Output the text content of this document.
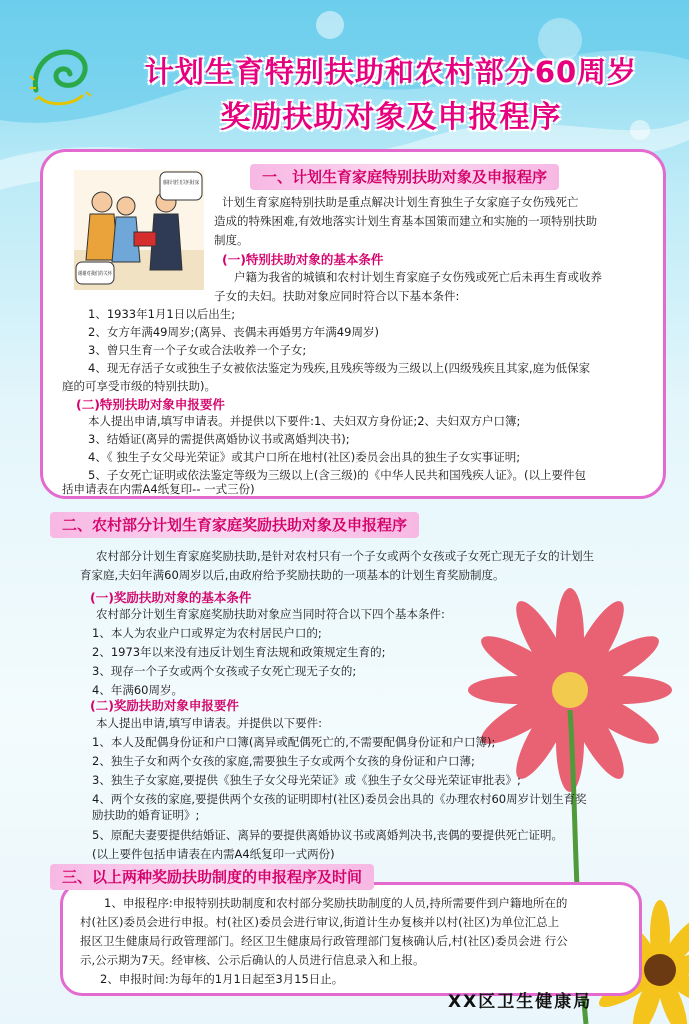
计划生育特别扶助和农村部分60周岁
奖励扶助对象及申报程序
感谢计划生育关怀我们家
谢谢对我们的关怀
一、计划生育家庭特别扶助对象及申报程序
计划生育家庭特别扶助是重点解决计划生育独生子女家庭子女伤残死亡
造成的特殊困难,有效地落实计划生育基本国策而建立和实施的一项特别扶助
制度。
(一)特别扶助对象的基本条件
户籍为我省的城镇和农村计划生育家庭子女伤残或死亡后未再生育或收养
子女的夫妇。扶助对象应同时符合以下基本条件:
1、1933年1月1日以后出生;
2、女方年满49周岁;(离异、丧偶未再婚男方年满49周岁)
3、曾只生育一个子女或合法收养一个子女;
4、现无存活子女或独生子女被依法鉴定为残疾,且残疾等级为三级以上(四级残疾且其家,庭为低保家
庭的可享受市级的特别扶助)。
(二)特别扶助对象申报要件
本人提出申请,填写申请表。并提供以下要件:1、夫妇双方身份证;2、夫妇双方户口簿;
3、结婚证(离异的需提供离婚协议书或离婚判决书);
4、《 独生子女父母光荣证》或其户口所在地村(社区)委员会出具的独生子女实事证明;
5、子女死亡证明或依法鉴定等级为三级以上(含三级)的《中华人民共和国残疾人证》。(以上要件包
括申请表在内需A4纸复印-- 一式三份)
二、农村部分计划生育家庭奖励扶助对象及申报程序
农村部分计划生育家庭奖励扶助,是针对农村只有一个子女或两个女孩或子女死亡现无子女的计划生
育家庭,夫妇年满60周岁以后,由政府给予奖励扶助的一项基本的计划生育奖励制度。
(一)奖励扶助对象的基本条件
农村部分计划生育家庭奖励扶助对象应当同时符合以下四个基本条件:
1、本人为农业户口或界定为农村居民户口的;
2、1973年以来没有违反计划生育法规和政策规定生育的;
3、现存一个子女或两个女孩或子女死亡现无子女的;
4、年满60周岁。
(二)奖励扶助对象申报要件
本人提出申请,填写申请表。并提供以下要件:
1、本人及配偶身份证和户口簿(离异或配偶死亡的,不需要配偶身份证和户口簿);
2、独生子女和两个女孩的家庭,需要独生子女或两个女孩的身份证和户口薄;
3、独生子女家庭,要提供《独生子女父母光荣证》或《独生子女父母光荣证审批表》;
4、两个女孩的家庭,要提供两个女孩的证明即村(社区)委员会出具的《办理农村60周岁计划生育奖
励扶助的婚育证明》;
5、原配夫妻要提供结婚证、离异的要提供离婚协议书或离婚判决书,丧偶的要提供死亡证明。
(以上要件包括申请表在内需A4纸复印一式两份)
三、以上两种奖励扶助制度的申报程序及时间
1、申报程序:申报特别扶助制度和农村部分奖励扶助制度的人员,持所需要件到户籍地所在的
村(社区)委员会进行申报。村(社区)委员会进行审议,街道计生办复核并以村(社区)为单位汇总上
报区卫生健康局行政管理部门。经区卫生健康局行政管理部门复核确认后,村(社区)委员会进 行公
示,公示期为7天。经审核、公示后确认的人员进行信息录入和上报。
2、申报时间:为每年的1月1日起至3月15日止。
XX区卫生健康局
